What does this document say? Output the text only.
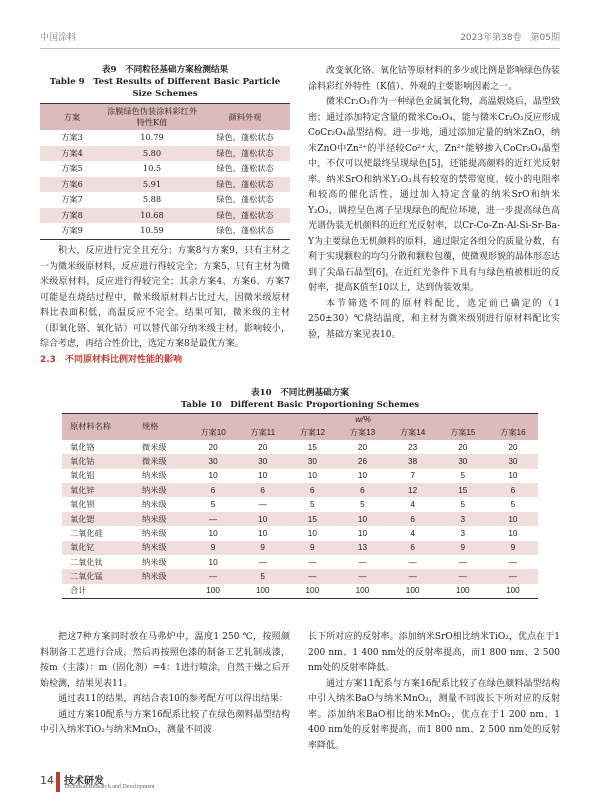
中国涂料	2023年第38卷　第05期
表9　不同粒径基础方案检测结果
Table 9　Test Results of Different Basic Particle Size Schemes
方案	涂膜绿色伪装涂料彩红外特性K值	颜料外观
方案3	10.79	绿色，蓬松状态
方案4	5.80	绿色，蓬松状态
方案5	10.5	绿色，蓬松状态
方案6	5.91	绿色，蓬松状态
方案7	5.88	绿色，蓬松状态
方案8	10.68	绿色，蓬松状态
方案9	10.59	绿色，蓬松状态

积大，反应进行完全且充分；方案8与方案9，只有主材之一为微米级原材料，反应进行得较完全；方案5，只有主材为微米级原材料，反应进行得较完全；其余方案4、方案6、方案7可能是在烧结过程中，微米级原材料占比过大，因微米级原材料比表面积低，高温反应不完全。结果可知，微米级的主材（即氧化铬、氧化钴）可以替代部分纳米级主材，影响较小，综合考虑，再结合性价比，选定方案8是最优方案。

2.3　不同原材料比例对性能的影响

改变氧化铬、氧化钴等原材料的多少或比例是影响绿色伪装涂料彩红外特性（K值）、外观的主要影响因素之一。

微米Cr₂O₃作为一种绿色金属氧化物，高温煅烧后，晶型致密；通过添加特定含量的微米Co₃O₄，能与微米Cr₂O₃反应形成CoCr₂O₄晶型结构。进一步地，通过添加定量的纳米ZnO，纳米ZnO中Zn²⁺的半径较Co²⁺大，Zn²⁺能够掺入CoCr₂O₄晶型中，不仅可以使最终呈现绿色[5]，还能提高颜料的近红光反射率。纳米SrO和纳米Y₂O₃具有较宽的禁带宽度、较小的电阻率和较高的催化活性，通过加入特定含量的纳米SrO和纳米Y₂O₃，调控呈色离子呈现绿色的配位环境，进一步提高绿色高光谱伪装无机颜料的近红光反射率，以Cr-Co-Zn-Al-Si-Sr-Ba-Y为主要绿色无机颜料的原料，通过限定各组分的质量分数，有利于实现颗粒的均匀分散和颗粒包覆，使微观形貌的晶体形态达到了尖晶石晶型[6]，在近红光条件下具有与绿色植被相近的反射率，提高K值至10以上，达到伪装效果。

本节筛选不同的原材料配比，选定前已确定的（1 250±30）℃烧结温度，和主材为微米级别进行原材料配比实验，基础方案见表10。

表10　不同比例基础方案
Table 10　Different Basic Proportioning Schemes
原材料名称	规格	w/%						
		方案10	方案11	方案12	方案13	方案14	方案15	方案16
氧化铬	微米级	20	20	15	20	23	20	20
氧化钴	微米级	30	30	30	26	38	30	30
氧化铝	纳米级	10	10	10	10	7	5	10
氧化锌	纳米级	6	6	6	6	12	15	6
氧化钡	纳米级	5	—	5	5	4	5	5
氧化锶	纳米级	—	10	15	10	6	3	10
二氧化硅	纳米级	10	10	10	10	4	3	10
氧化钇	纳米级	9	9	9	13	6	9	9
二氧化钛	纳米级	10	—	—	—	—	—	—
二氧化锰	纳米级	—	5	—	—	—	—	—
合计		100	100	100	100	100	100	100

把这7种方案同时放在马弗炉中，温度1 250 ℃，按照颜料制备工艺进行合成，然后再按照色漆的制备工艺轧制成漆，按m（主漆）：m（固化剂）=4：1进行喷涂，自然干燥之后开始检测，结果见表11。

通过表11的结果，再结合表10的参考配方可以得出结果：

通过方案10配系与方案16配系比较了在绿色颜料晶型结构中引入纳米TiO₂与纳米MnO₂，测量不同波

长下所对应的反射率。添加纳米SrO相比纳米TiO₂，优点在于1 200 nm、1 400 nm处的反射率提高，而1 800 nm、2 500 nm处的反射率降低。

通过方案11配系与方案16配系比较了在绿色颜料晶型结构中引入纳米BaO与纳米MnO₂，测量不同波长下所对应的反射率。添加纳米BaO相比纳米MnO₂，优点在于1 200 nm、1 400 nm处的反射率提高，而1 800 nm、2 500 nm处的反射率降低。

14 技术研发
Technical Research and Development
